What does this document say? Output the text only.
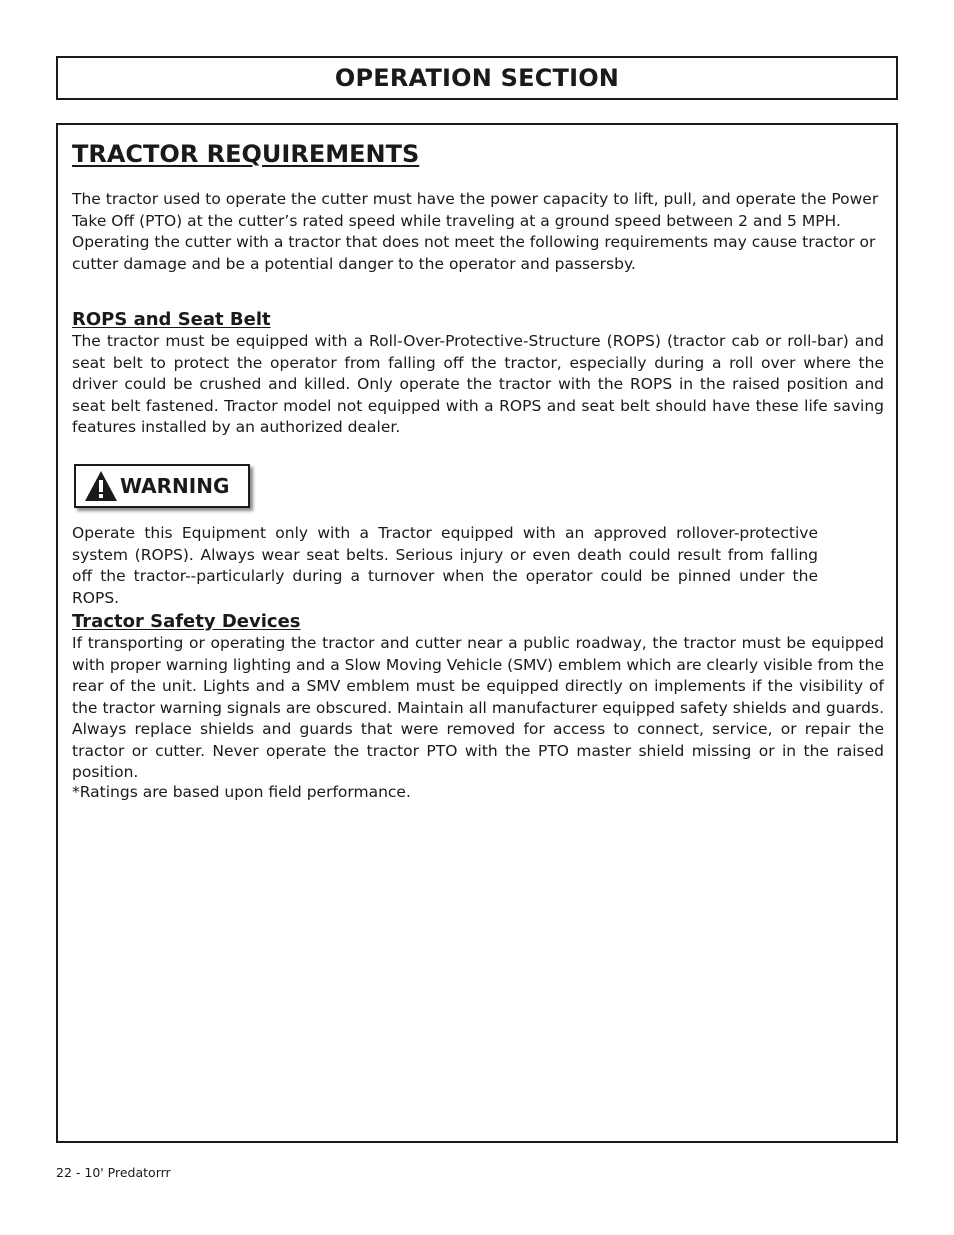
OPERATION SECTION
TRACTOR REQUIREMENTS

The tractor used to operate the cutter must have the power capacity to lift, pull, and operate the Power Take Off (PTO) at the cutter’s rated speed while traveling at a ground speed between 2 and 5 MPH. Operating the cutter with a tractor that does not meet the following requirements may cause tractor or cutter damage and be a potential danger to the operator and passersby.

ROPS and Seat Belt

The tractor must be equipped with a Roll-Over-Protective-Structure (ROPS) (tractor cab or roll-bar) and seat belt to protect the operator from falling off the tractor, especially during a roll over where the driver could be crushed and killed. Only operate the tractor with the ROPS in the raised position and seat belt fastened. Tractor model not equipped with a ROPS and seat belt should have these life saving features installed by an authorized dealer.

WARNING

Operate this Equipment only with a Tractor equipped with an approved rollover-protective system (ROPS). Always wear seat belts. Serious injury or even death could result from falling off the tractor--particularly during a turnover when the operator could be pinned under the ROPS.

Tractor Safety Devices

If transporting or operating the tractor and cutter near a public roadway, the tractor must be equipped with proper warning lighting and a Slow Moving Vehicle (SMV) emblem which are clearly visible from the rear of the unit. Lights and a SMV emblem must be equipped directly on implements if the visibility of the tractor warning signals are obscured. Maintain all manufacturer equipped safety shields and guards. Always replace shields and guards that were removed for access to connect, service, or repair the tractor or cutter. Never operate the tractor PTO with the PTO master shield missing or in the raised position.

*Ratings are based upon field performance.

22 - 10' Predatorrr
